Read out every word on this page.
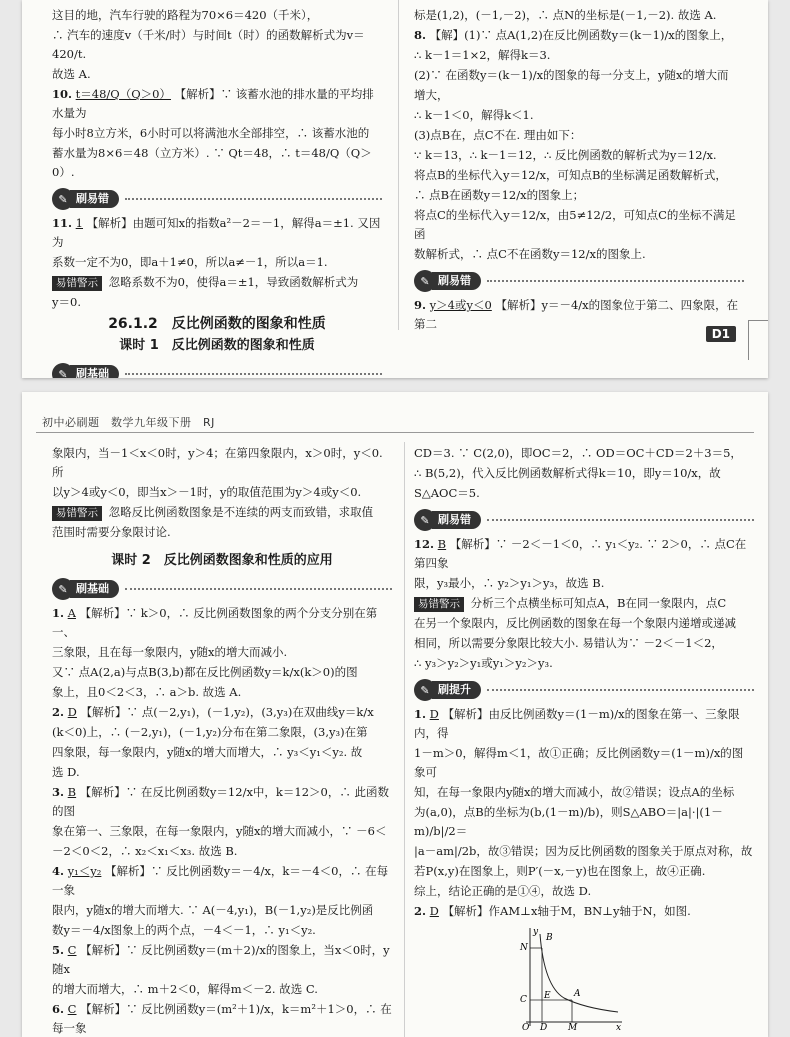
这目的地，汽车行驶的路程为70×6＝420（千米），

∴ 汽车的速度v（千米/时）与时间t（时）的函数解析式为v＝420/t.

故选 A.

10. t＝48/Q（Q＞0） 【解析】∵ 该蓄水池的排水量的平均排水量为

每小时8立方米，6小时可以将满池水全部排空，∴ 该蓄水池的

蓄水量为8×6＝48（立方米）. ∵ Qt＝48，∴ t＝48/Q（Q＞0）.

✎ 刷易错

11. 1 【解析】由题可知x的指数a²－2＝－1，解得a＝±1. 又因为

系数一定不为0，即a＋1≠0，所以a≠－1，所以a＝1.

易错警示 忽略系数不为0，使得a＝±1，导致函数解析式为

y＝0.

26.1.2　反比例函数的图象和性质
课时 1　反比例函数的图象和性质
✎ 刷基础

标是(1,2)，(－1,－2)，∴ 点N的坐标是(－1,－2). 故选 A.

8. 【解】(1)∵ 点A(1,2)在反比例函数y＝(k－1)/x的图象上，

∴ k－1＝1×2，解得k＝3.

(2)∵ 在函数y＝(k－1)/x的图象的每一分支上，y随x的增大而

增大，

∴ k－1＜0，解得k＜1.

(3)点B在，点C不在. 理由如下：

∵ k＝13，∴ k－1＝12，∴ 反比例函数的解析式为y＝12/x.

将点B的坐标代入y＝12/x，可知点B的坐标满足函数解析式，

∴ 点B在函数y＝12/x的图象上；

将点C的坐标代入y＝12/x，由5≠12/2，可知点C的坐标不满足函

数解析式，∴ 点C不在函数y＝12/x的图象上.

✎ 刷易错

9. y＞4或y＜0 【解析】y＝－4/x的图象位于第二、四象限，在第二

D1
初中必刷题　数学九年级下册　RJ

象限内，当－1＜x＜0时，y＞4；在第四象限内，x＞0时，y＜0. 所

以y＞4或y＜0，即当x＞－1时，y的取值范围为y＞4或y＜0.

易错警示 忽略反比例函数图象是不连续的两支而致错，求取值

范围时需要分象限讨论.

课时 2　反比例函数图象和性质的应用
✎ 刷基础

1. A 【解析】∵ k＞0，∴ 反比例函数图象的两个分支分别在第一、

三象限，且在每一象限内，y随x的增大而减小.

又∵ 点A(2,a)与点B(3,b)都在反比例函数y＝k/x(k＞0)的图

象上，且0＜2＜3，∴ a＞b. 故选 A.

2. D 【解析】∵ 点(－2,y₁)，(－1,y₂)，(3,y₃)在双曲线y＝k/x

(k＜0)上，∴ (－2,y₁)，(－1,y₂)分布在第二象限，(3,y₃)在第

四象限，每一象限内，y随x的增大而增大，∴ y₃＜y₁＜y₂. 故

选 D.

3. B 【解析】∵ 在反比例函数y＝12/x中，k＝12＞0，∴ 此函数的图

象在第一、三象限，在每一象限内，y随x的增大而减小，∵ －6＜

－2＜0＜2，∴ x₂＜x₁＜x₃. 故选 B.

4. y₁＜y₂ 【解析】∵ 反比例函数y＝－4/x，k＝－4＜0，∴ 在每一象

限内，y随x的增大而增大. ∵ A(－4,y₁)，B(－1,y₂)是反比例函

数y＝－4/x图象上的两个点，－4＜－1，∴ y₁＜y₂.

5. C 【解析】∵ 反比例函数y＝(m＋2)/x的图象上，当x＜0时，y随x

的增大而增大，∴ m＋2＜0，解得m＜－2. 故选 C.

6. C 【解析】∵ 反比例函数y＝(m²＋1)/x，k＝m²＋1＞0，∴ 在每一象

CD＝3. ∵ C(2,0)，即OC＝2，∴ OD＝OC＋CD＝2＋3＝5，

∴ B(5,2)，代入反比例函数解析式得k＝10，即y＝10/x，故

S△AOC＝5.

✎ 刷易错

12. B 【解析】∵ －2＜－1＜0，∴ y₁＜y₂. ∵ 2＞0，∴ 点C在第四象

限，y₃最小，∴ y₂＞y₁＞y₃，故选 B.

易错警示 分析三个点横坐标可知点A，B在同一象限内，点C

在另一个象限内，反比例函数的图象在每一个象限内递增或递减

相同，所以需要分象限比较大小. 易错认为∵ －2＜－1＜2，

∴ y₃＞y₂＞y₁或y₁＞y₂＞y₃.

✎ 刷提升

1. D 【解析】由反比例函数y＝(1－m)/x的图象在第一、三象限内，得

1－m＞0，解得m＜1，故①正确；反比例函数y＝(1－m)/x的图象可

知，在每一象限内y随x的增大而减小，故②错误；设点A的坐标

为(a,0)，点B的坐标为(b,(1－m)/b)，则S△ABO＝|a|·|(1－m)/b|/2＝

|a－am|/2b，故③错误；因为反比例函数的图象关于原点对称，故

若P(x,y)在图象上，则P′(－x,－y)也在图象上，故④正确.

综上，结论正确的是①④，故选 D.

2. D 【解析】作AM⊥x轴于M，BN⊥y轴于N，如图.

N
B
C E	A
O D M	x
y
